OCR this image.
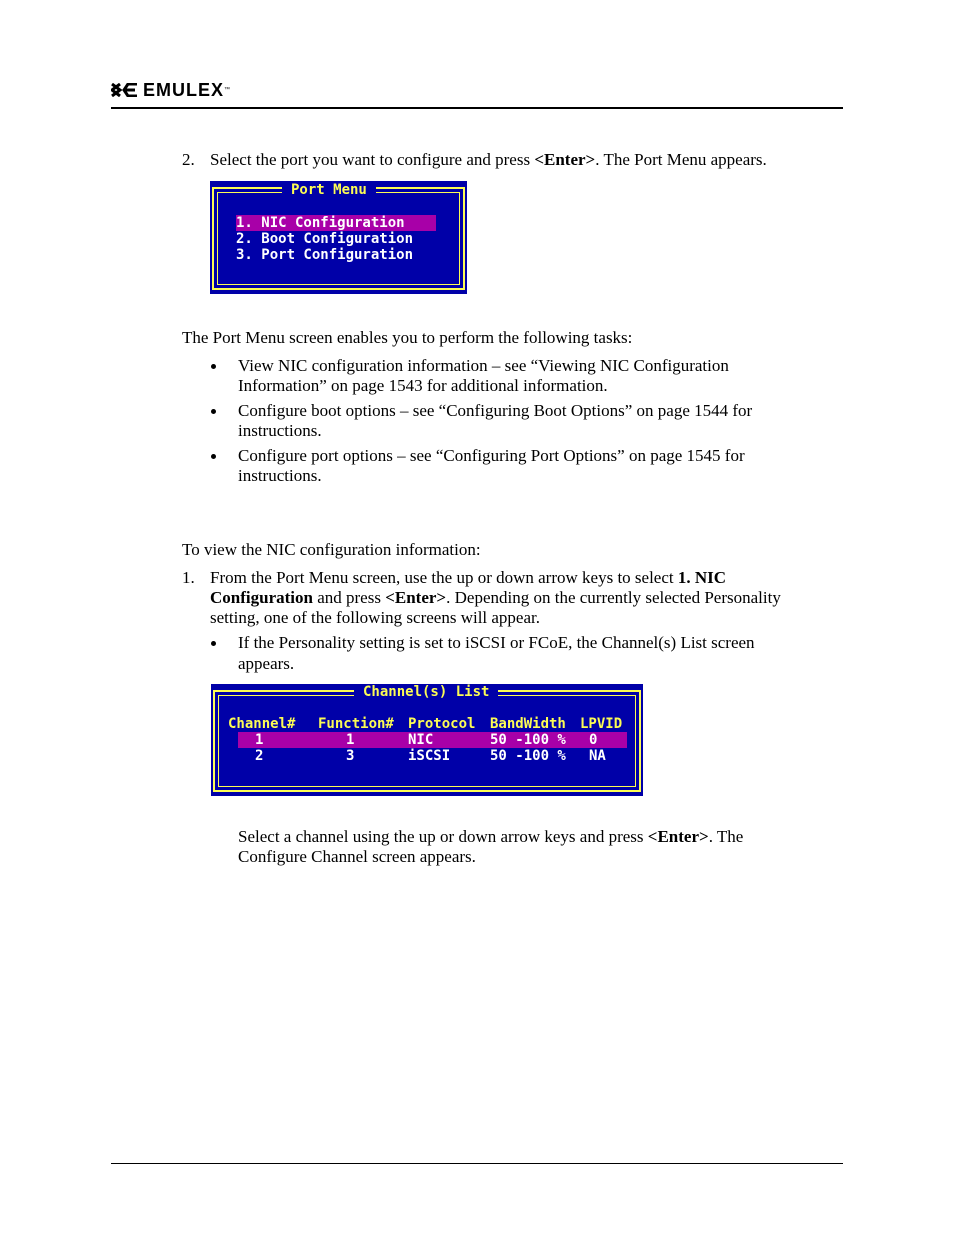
EMULEX ™
2. Select the port you want to configure and press <Enter>. The Port Menu appears.
Port Menu
1. NIC Configuration
2. Boot Configuration
3. Port Configuration
The Port Menu screen enables you to perform the following tasks:
View NIC configuration information – see “Viewing NIC Configuration
Information” on page 1543 for additional information.
Configure boot options – see “Configuring Boot Options” on page 1544 for
instructions.
Configure port options – see “Configuring Port Options” on page 1545 for
instructions.
To view the NIC configuration information:
1. From the Port Menu screen, use the up or down arrow keys to select 1. NIC
Configuration and press <Enter>. Depending on the currently selected Personality
setting, one of the following screens will appear.
If the Personality setting is set to iSCSI or FCoE, the Channel(s) List screen
appears.
Channel(s) List
Channel# Function# Protocol BandWidth LPVID
1	1	NIC	50 -100 % 0
2	3	iSCSI	50 -100 % NA
Select a channel using the up or down arrow keys and press <Enter>. The
Configure Channel screen appears.
